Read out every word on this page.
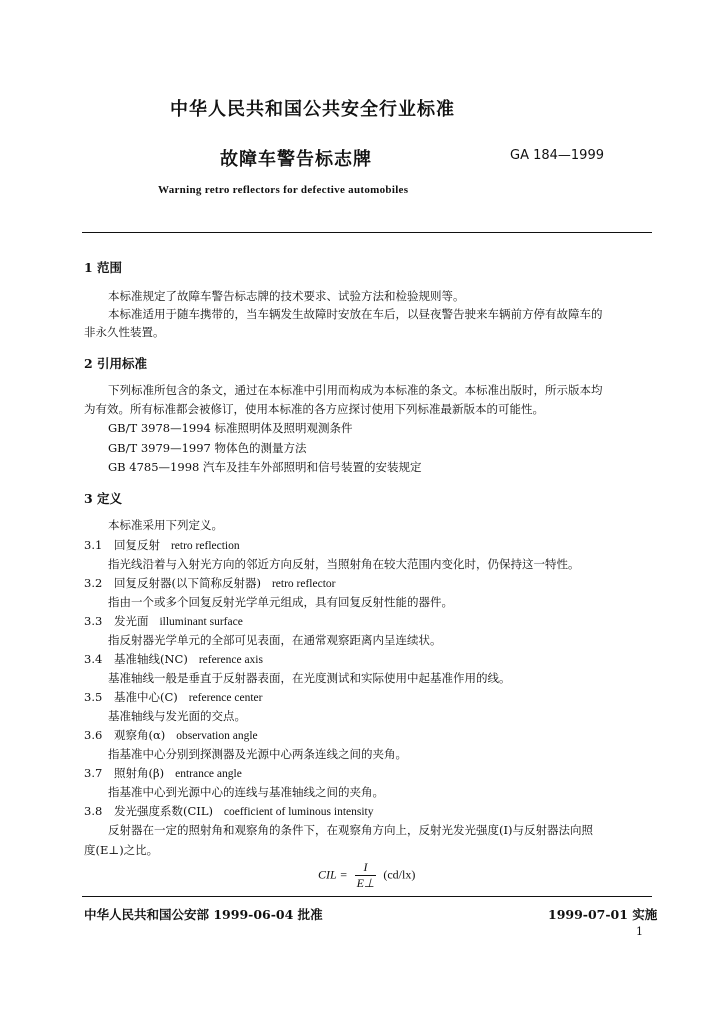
中华人民共和国公共安全行业标准
故障车警告标志牌	GA 184—1999
Warning retro reflectors for defective automobiles
1 范围
本标准规定了故障车警告标志牌的技术要求、试验方法和检验规则等。
本标准适用于随车携带的，当车辆发生故障时安放在车后，以昼夜警告驶来车辆前方停有故障车的
非永久性装置。
2 引用标准
下列标准所包含的条文，通过在本标准中引用而构成为本标准的条文。本标准出版时，所示版本均
为有效。所有标准都会被修订，使用本标准的各方应探讨使用下列标准最新版本的可能性。
GB/T 3978—1994 标准照明体及照明观测条件
GB/T 3979—1997 物体色的测量方法
GB 4785—1998 汽车及挂车外部照明和信号装置的安装规定
3 定义
本标准采用下列定义。
3.1 回复反射 retro reflection
指光线沿着与入射光方向的邻近方向反射，当照射角在较大范围内变化时，仍保持这一特性。
3.2 回复反射器(以下简称反射器) retro reflector
指由一个或多个回复反射光学单元组成，具有回复反射性能的器件。
3.3 发光面 illuminant surface
指反射器光学单元的全部可见表面，在通常观察距离内呈连续状。
3.4 基准轴线(NC) reference axis
基准轴线一般是垂直于反射器表面，在光度测试和实际使用中起基准作用的线。
3.5 基准中心(C) reference center
基准轴线与发光面的交点。
3.6 观察角(α) observation angle
指基准中心分别到探测器及光源中心两条连线之间的夹角。
3.7 照射角(β) entrance angle
指基准中心到光源中心的连线与基准轴线之间的夹角。
3.8 发光强度系数(CIL) coefficient of luminous intensity
反射器在一定的照射角和观察角的条件下，在观察角方向上，反射光发光强度(I)与反射器法向照
度(E⊥)之比。
CIL = $\frac{I}{E\perp} (cd/lx)$
中华人民共和国公安部 1999-06-04 批准	1999-07-01 实施
1
